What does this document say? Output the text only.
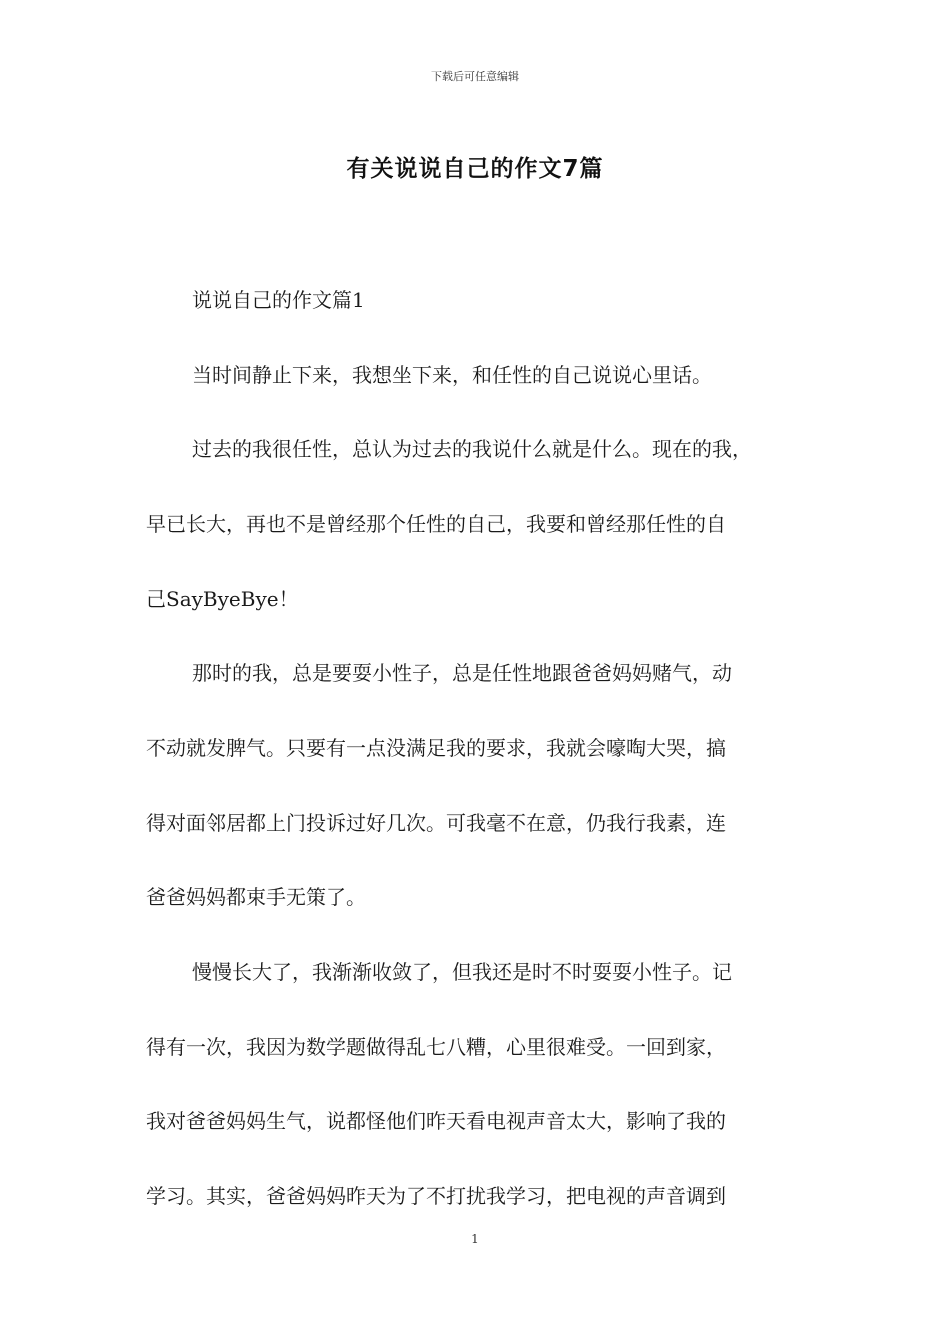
下载后可任意编辑
有关说说自己的作文7篇
说说自己的作文篇1
当时间静止下来，我想坐下来，和任性的自己说说心里话。
过去的我很任性，总认为过去的我说什么就是什么。现在的我，
早已长大，再也不是曾经那个任性的自己，我要和曾经那任性的自
己SayByeBye！
那时的我，总是要耍小性子，总是任性地跟爸爸妈妈赌气，动
不动就发脾气。只要有一点没满足我的要求，我就会嚎啕大哭，搞
得对面邻居都上门投诉过好几次。可我毫不在意，仍我行我素，连
爸爸妈妈都束手无策了。
慢慢长大了，我渐渐收敛了，但我还是时不时耍耍小性子。记
得有一次，我因为数学题做得乱七八糟，心里很难受。一回到家，
我对爸爸妈妈生气，说都怪他们昨天看电视声音太大，影响了我的
学习。其实，爸爸妈妈昨天为了不打扰我学习，把电视的声音调到
1
